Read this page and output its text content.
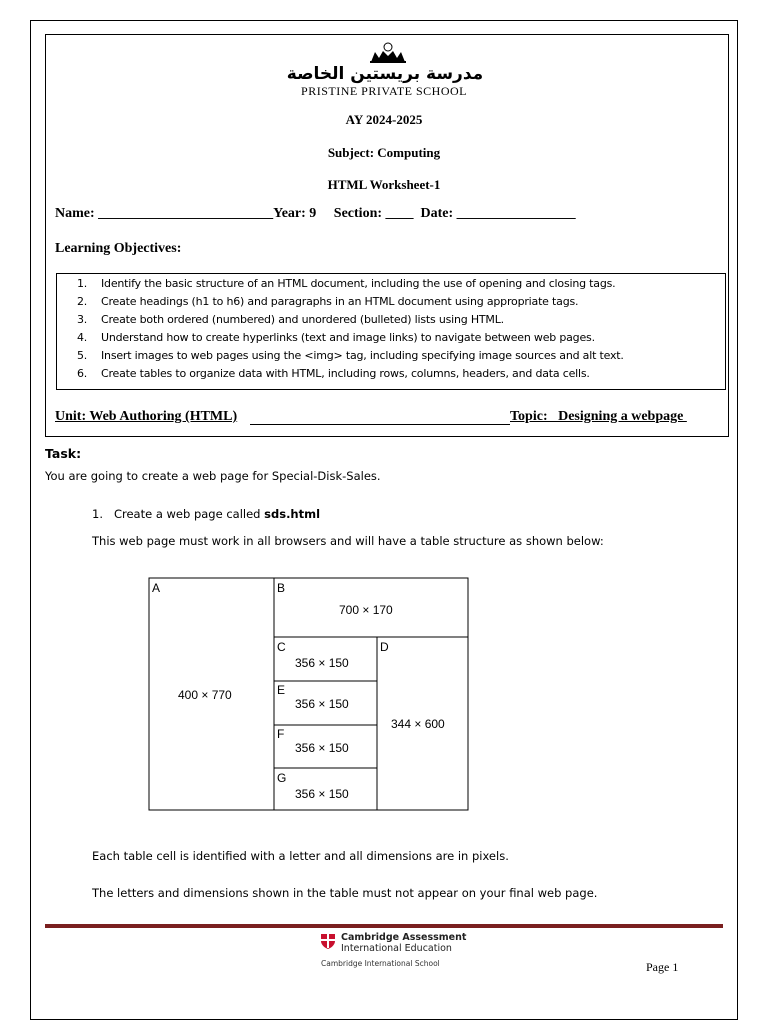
مدرسة بريستين الخاصة
PRISTINE PRIVATE SCHOOL
AY 2024-2025
Subject: Computing
HTML Worksheet-1
Name: _________________________Year: 9     Section: ____  Date: _________________
Learning Objectives:
1.	Identify the basic structure of an HTML document, including the use of opening and closing tags.
2.	Create headings (h1 to h6) and paragraphs in an HTML document using appropriate tags.
3.	Create both ordered (numbered) and unordered (bulleted) lists using HTML.
4.	Understand how to create hyperlinks (text and image links) to navigate between web pages.
5.	Insert images to web pages using the <img> tag, including specifying image sources and alt text.
6.	Create tables to organize data with HTML, including rows, columns, headers, and data cells.
Unit: Web Authoring (HTML)	Topic:   Designing a webpage
Task:
You are going to create a web page for Special-Disk-Sales.
1. Create a web page called sds.html
This web page must work in all browsers and will have a table structure as shown below:
A
400 × 770
B
700 × 170
C
356 × 150
D
344 × 600
E
356 × 150
F
356 × 150
G
356 × 150
Each table cell is identified with a letter and all dimensions are in pixels.
The letters and dimensions shown in the table must not appear on your final web page.
Cambridge Assessment
International Education
Cambridge International School	Page 1
